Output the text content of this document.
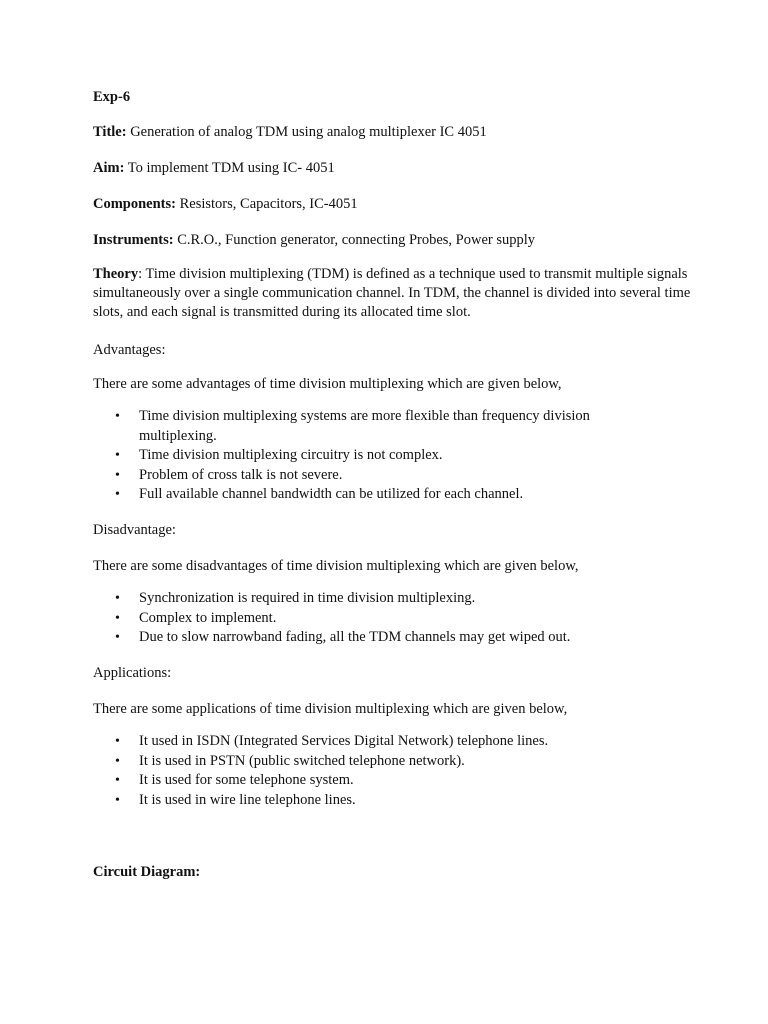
Exp-6
Title: Generation of analog TDM using analog multiplexer IC 4051
Aim: To implement TDM using IC- 4051
Components: Resistors, Capacitors, IC-4051
Instruments: C.R.O., Function generator, connecting Probes, Power supply
Theory: Time division multiplexing (TDM) is defined as a technique used to transmit multiple signals simultaneously over a single communication channel. In TDM, the channel is divided into several time slots, and each signal is transmitted during its allocated time slot.
Advantages:
There are some advantages of time division multiplexing which are given below,
• Time division multiplexing systems are more flexible than frequency division multiplexing.
• Time division multiplexing circuitry is not complex.
• Problem of cross talk is not severe.
• Full available channel bandwidth can be utilized for each channel.
Disadvantage:
There are some disadvantages of time division multiplexing which are given below,
• Synchronization is required in time division multiplexing.
• Complex to implement.
• Due to slow narrowband fading, all the TDM channels may get wiped out.
Applications:
There are some applications of time division multiplexing which are given below,
• It used in ISDN (Integrated Services Digital Network) telephone lines.
• It is used in PSTN (public switched telephone network).
• It is used for some telephone system.
• It is used in wire line telephone lines.
Circuit Diagram:
